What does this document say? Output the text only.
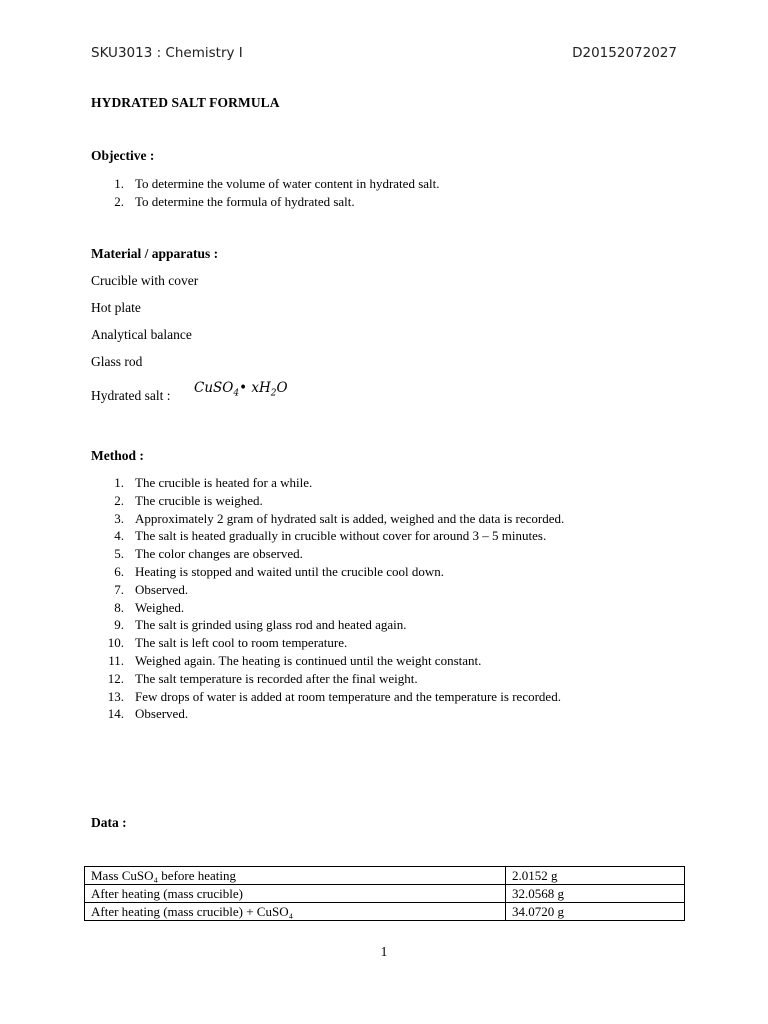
SKU3013 : Chemistry I	D20152072027
HYDRATED SALT FORMULA
Objective :
1. To determine the volume of water content in hydrated salt.
2. To determine the formula of hydrated salt.
Material / apparatus :
Crucible with cover
Hot plate
Analytical balance
Glass rod
Hydrated salt : CuSO$_4$• $xH_2O$
Method :
1. The crucible is heated for a while.
2. The crucible is weighed.
3. Approximately 2 gram of hydrated salt is added, weighed and the data is recorded.
4. The salt is heated gradually in crucible without cover for around 3 – 5 minutes.
5. The color changes are observed.
6. Heating is stopped and waited until the crucible cool down.
7. Observed.
8. Weighed.
9. The salt is grinded using glass rod and heated again.
10. The salt is left cool to room temperature.
11. Weighed again. The heating is continued until the weight constant.
12. The salt temperature is recorded after the final weight.
13. Few drops of water is added at room temperature and the temperature is recorded.
14. Observed.
Data :
Mass CuSO₄ before heating	2.0152 g
After heating (mass crucible)	32.0568 g
After heating (mass crucible) + CuSO₄	34.0720 g
1
